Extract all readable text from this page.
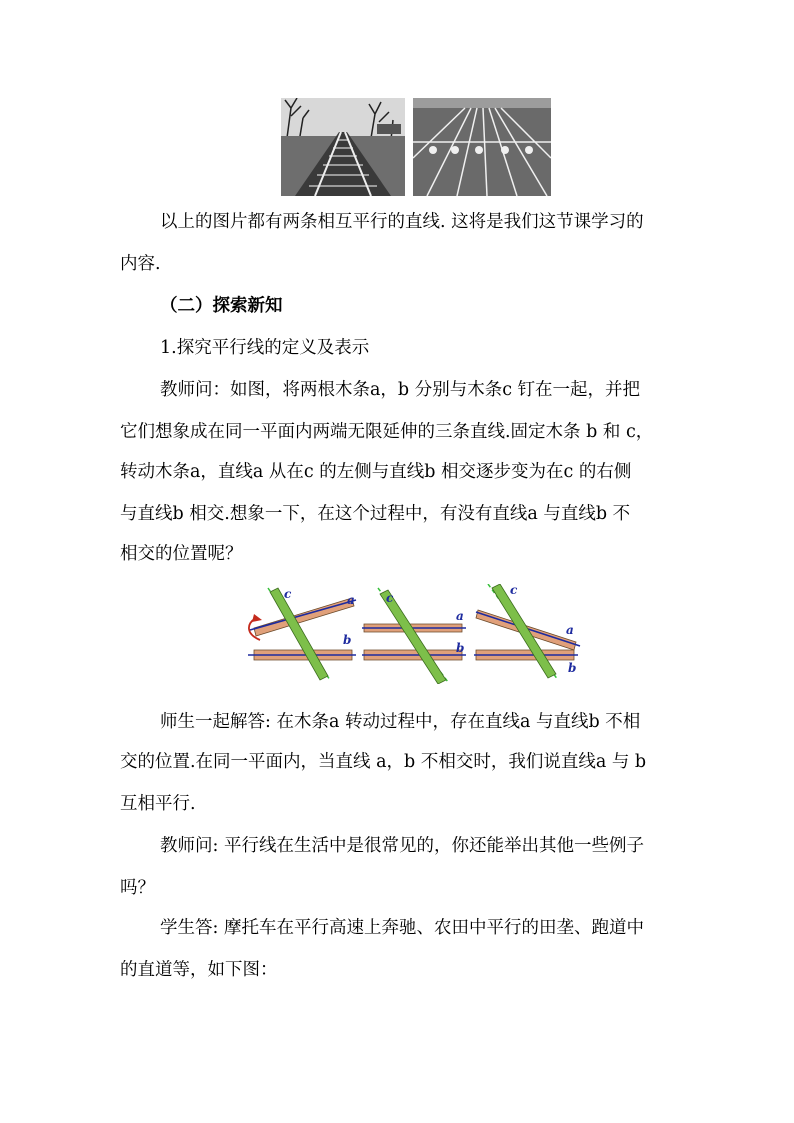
以上的图片都有两条相互平行的直线. 这将是我们这节课学习的
内容.
（二）探索新知
1.探究平行线的定义及表示
教师问：如图，将两根木条a，b 分别与木条c 钉在一起，并把
它们想象成在同一平面内两端无限延伸的三条直线.固定木条 b 和 c，
转动木条a，直线a 从在c 的左侧与直线b 相交逐步变为在c 的右侧
与直线b 相交.想象一下，在这个过程中，有没有直线a 与直线b 不
相交的位置呢？
c	a
b
c
a
b
c
a
b
师生一起解答: 在木条a 转动过程中，存在直线a 与直线b 不相
交的位置.在同一平面内，当直线 a，b 不相交时，我们说直线a 与 b
互相平行.
教师问: 平行线在生活中是很常见的，你还能举出其他一些例子
吗？
学生答: 摩托车在平行高速上奔驰、农田中平行的田垄、跑道中
的直道等，如下图：
